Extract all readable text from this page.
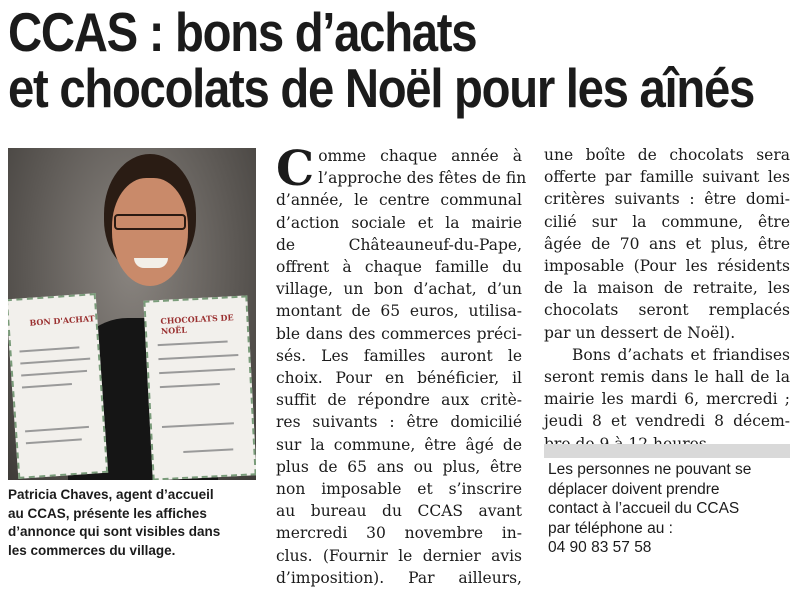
CCAS : bons d’achats
et chocolats de Noël pour les aînés
BON D'ACHAT	CHOCOLATS DE NOËL

Patricia Chaves, agent d’accueil

au CCAS, présente les affiches

d’annonce qui sont visibles dans

les commerces du village.

C omme chaque année à
l’approche des fêtes de fin
d’année, le centre communal
d’action sociale et la mairie
de Châteauneuf-du-Pape,
offrent à chaque famille du
village, un bon d’achat, d’un
montant de 65 euros, utilisa-
ble dans des commerces préci-
sés. Les familles auront le
choix. Pour en bénéficier, il
suffit de répondre aux critè-
res suivants : être domicilié
sur la commune, être âgé de
plus de 65 ans ou plus, être
non imposable et s’inscrire
au bureau du CCAS avant
mercredi 30 novembre in-
clus. (Fournir le dernier avis
d’imposition). Par ailleurs,
une boîte de chocolats sera
offerte par famille suivant les
critères suivants : être domi-
cilié sur la commune, être
âgée de 70 ans et plus, être
imposable (Pour les résidents
de la maison de retraite, les
chocolats seront remplacés
par un dessert de Noël).
Bons d’achats et friandises
seront remis dans le hall de la
mairie les mardi 6, mercredi ;
jeudi 8 et vendredi 8 décem-
Les personnes ne pouvant se
déplacer doivent prendre
contact à l’accueil du CCAS
par téléphone au :
04 90 83 57 58
